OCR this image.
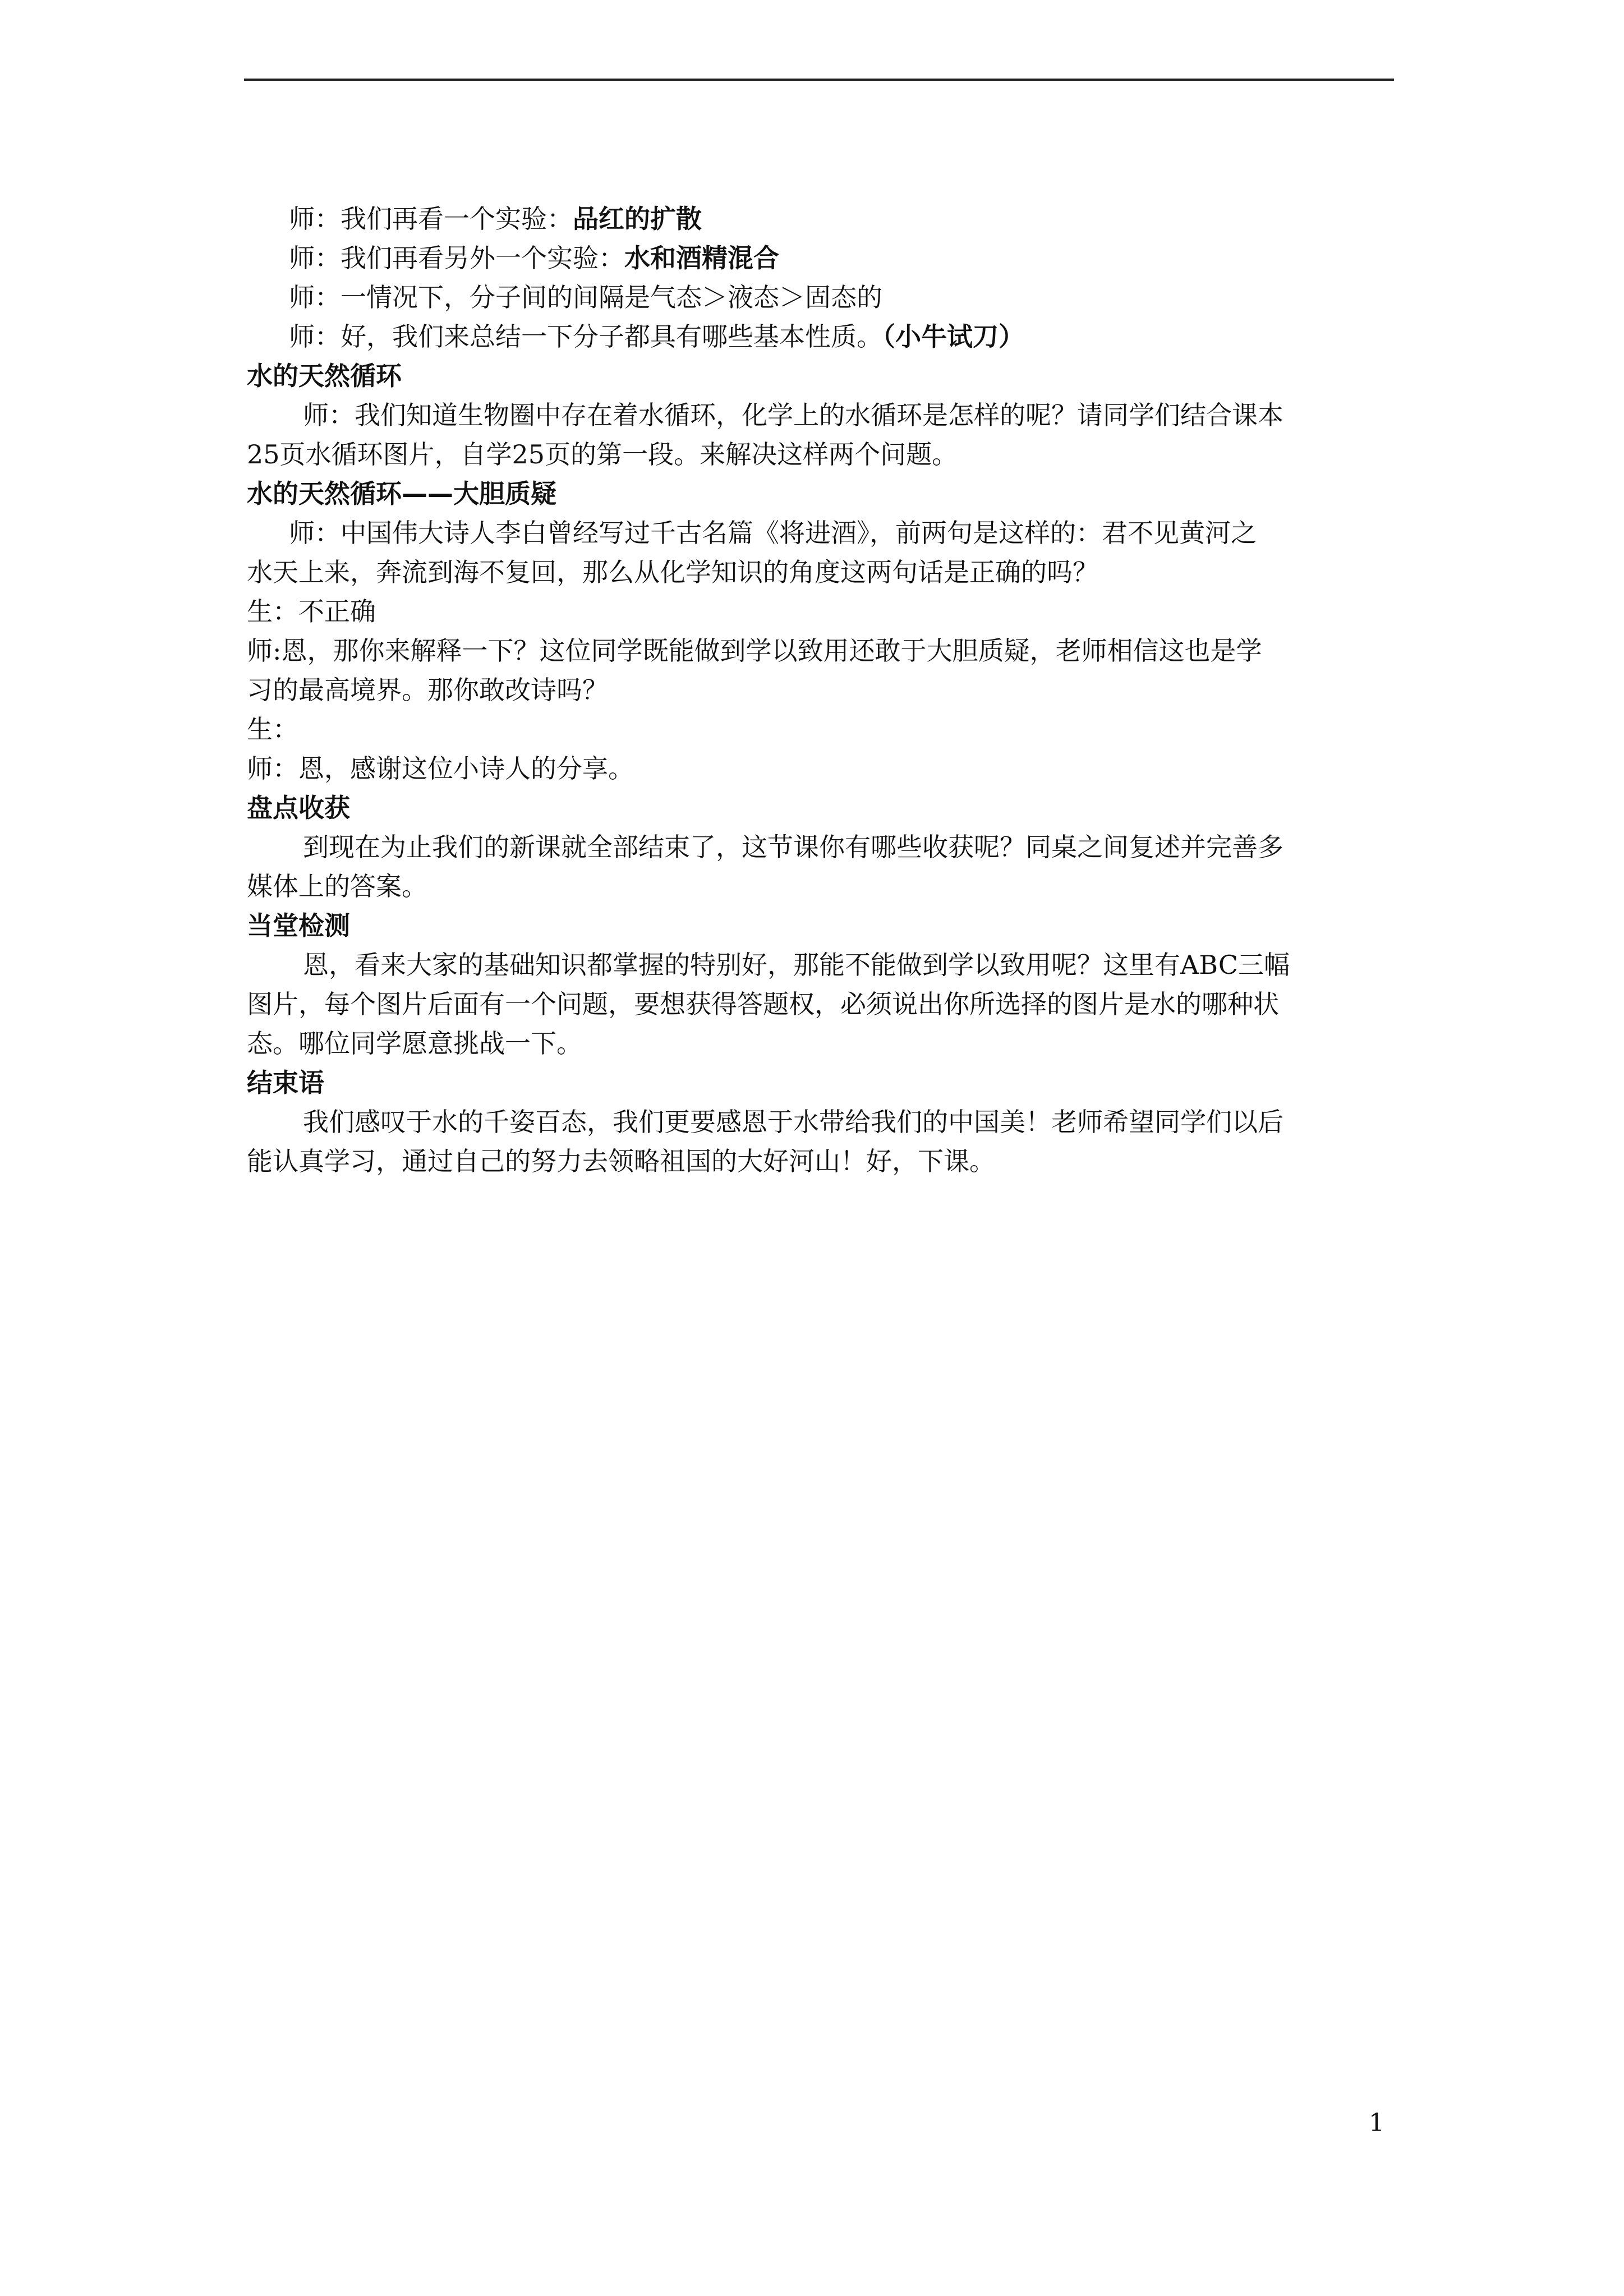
师：我们再看一个实验：品红的扩散
师：我们再看另外一个实验：水和酒精混合
师：一情况下，分子间的间隔是气态＞液态＞固态的
师：好，我们来总结一下分子都具有哪些基本性质。（小牛试刀）
水的天然循环
师：我们知道生物圈中存在着水循环，化学上的水循环是怎样的呢？请同学们结合课本
25页水循环图片，自学25页的第一段。来解决这样两个问题。
水的天然循环——大胆质疑
师：中国伟大诗人李白曾经写过千古名篇《将进酒》，前两句是这样的：君不见黄河之
水天上来，奔流到海不复回，那么从化学知识的角度这两句话是正确的吗？
生：不正确
师:恩，那你来解释一下？这位同学既能做到学以致用还敢于大胆质疑，老师相信这也是学
习的最高境界。那你敢改诗吗？
生：
师：恩，感谢这位小诗人的分享。
盘点收获
到现在为止我们的新课就全部结束了，这节课你有哪些收获呢？同桌之间复述并完善多
媒体上的答案。
当堂检测
恩，看来大家的基础知识都掌握的特别好，那能不能做到学以致用呢？这里有ABC三幅
图片，每个图片后面有一个问题，要想获得答题权，必须说出你所选择的图片是水的哪种状
态。哪位同学愿意挑战一下。
结束语
我们感叹于水的千姿百态，我们更要感恩于水带给我们的中国美！老师希望同学们以后
能认真学习，通过自己的努力去领略祖国的大好河山！好，下课。
1
